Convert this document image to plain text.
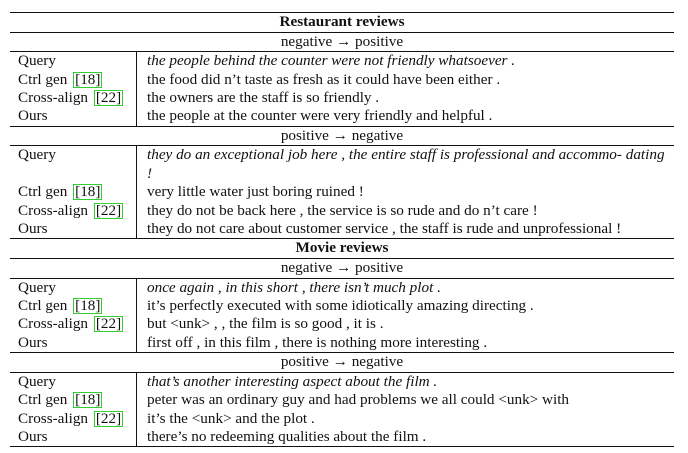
Restaurant reviews
negative → positive
Query	the people behind the counter were not friendly whatsoever .
Ctrl gen [18]	the food did n’t taste as fresh as it could have been either .
Cross-align [22]	the owners are the staff is so friendly .
Ours	the people at the counter were very friendly and helpful .
positive → negative
Query	they do an exceptional job here , the entire staff is professional and accommo- dating !
Ctrl gen [18]	very little water just boring ruined !
Cross-align [22]	they do not be back here , the service is so rude and do n’t care !
Ours	they do not care about customer service , the staff is rude and unprofessional !
Movie reviews
negative → positive
Query	once again , in this short , there isn’t much plot .
Ctrl gen [18]	it’s perfectly executed with some idiotically amazing directing .
Cross-align [22]	but <unk> , , the film is so good , it is .
Ours	first off , in this film , there is nothing more interesting .
positive → negative
Query	that’s another interesting aspect about the film .
Ctrl gen [18]	peter was an ordinary guy and had problems we all could <unk> with
Cross-align [22]	it’s the <unk> and the plot .
Ours	there’s no redeeming qualities about the film .
